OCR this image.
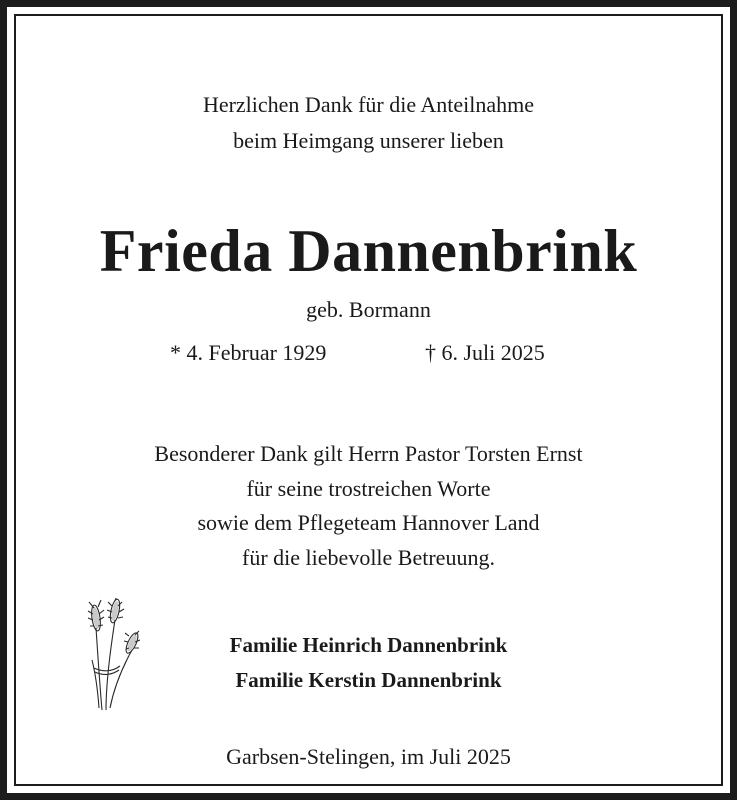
Herzlichen Dank für die Anteilnahme
beim Heimgang unserer lieben
Frieda Dannenbrink
geb. Bormann
* 4. Februar 1929	† 6. Juli 2025
Besonderer Dank gilt Herrn Pastor Torsten Ernst
für seine trostreichen Worte
sowie dem Pflegeteam Hannover Land
für die liebevolle Betreuung.
Familie Heinrich Dannenbrink
Familie Kerstin Dannenbrink
Garbsen-Stelingen, im Juli 2025
